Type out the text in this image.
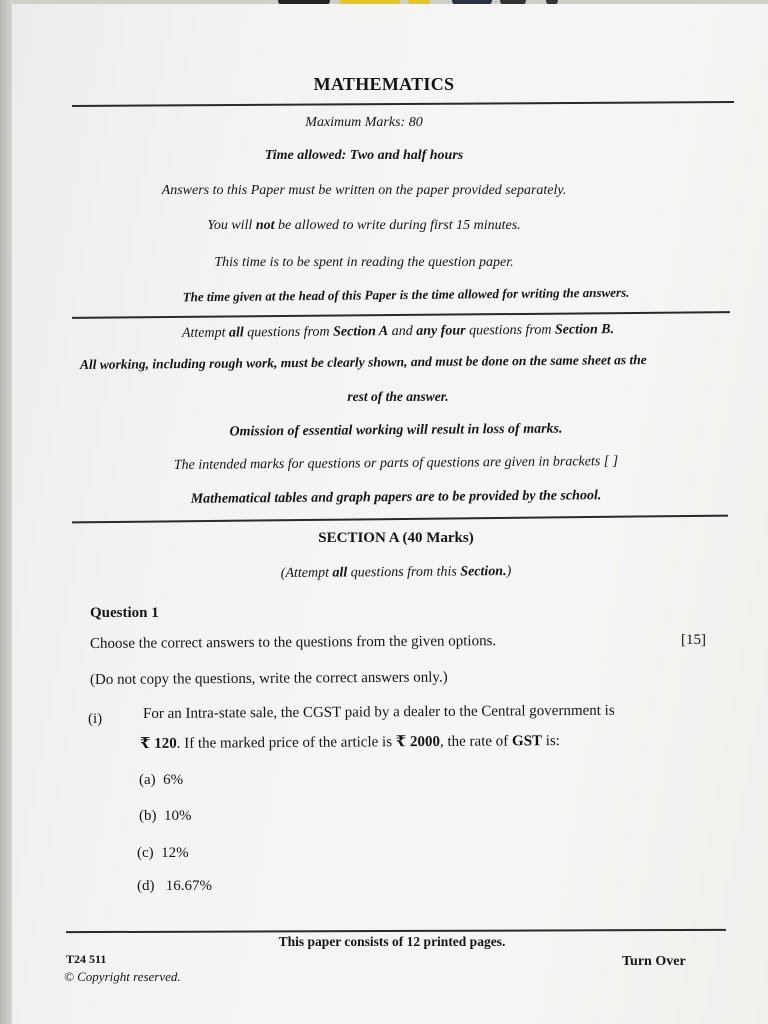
MATHEMATICS
Maximum Marks: 80
Time allowed: Two and half hours
Answers to this Paper must be written on the paper provided separately.
You will not be allowed to write during first 15 minutes.
This time is to be spent in reading the question paper.
The time given at the head of this Paper is the time allowed for writing the answers.
Attempt all questions from Section A and any four questions from Section B.
All working, including rough work, must be clearly shown, and must be done on the same sheet as the
rest of the answer.
Omission of essential working will result in loss of marks.
The intended marks for questions or parts of questions are given in brackets [ ]
Mathematical tables and graph papers are to be provided by the school.
SECTION A (40 Marks)
(Attempt all questions from this Section.)
Question 1
Choose the correct answers to the questions from the given options.	[15]
(Do not copy the questions, write the correct answers only.)
(i)	For an Intra-state sale, the CGST paid by a dealer to the Central government is
₹ 120. If the marked price of the article is ₹ 2000, the rate of GST is:
(a) 6%
(b) 10%
(c) 12%
(d) 16.67%
This paper consists of 12 printed pages.
T24 511
© Copyright reserved.
Turn Over
